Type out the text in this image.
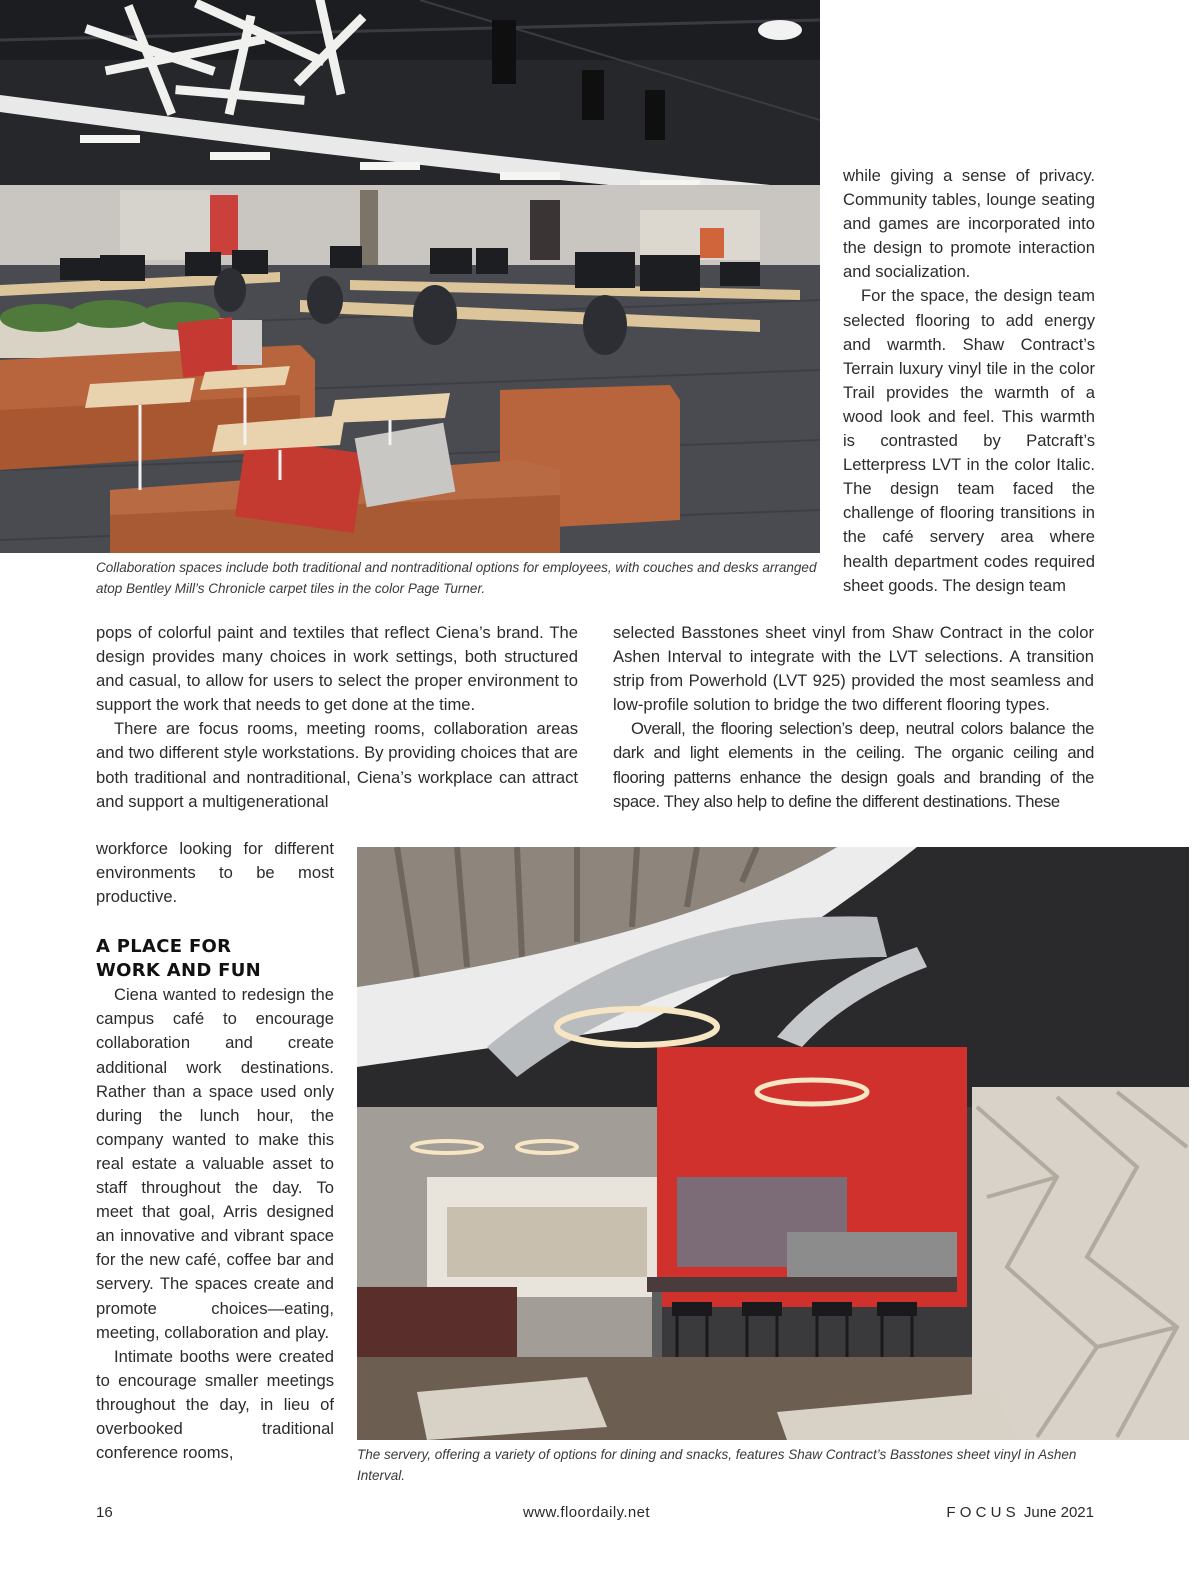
Collaboration spaces include both traditional and nontraditional options for employees, with couches and desks arranged atop Bentley Mill’s Chronicle carpet tiles in the color Page Turner.

while giving a sense of privacy. Community tables, lounge seating and games are incorporated into the design to promote interaction and socialization.

For the space, the design team selected flooring to add energy and warmth. Shaw Contract’s Terrain luxury vinyl tile in the color Trail provides the warmth of a wood look and feel. This warmth is contrasted by Patcraft’s Letterpress LVT in the color Italic. The design team faced the challenge of flooring transitions in the café servery area where health department codes required sheet goods. The design team

pops of colorful paint and textiles that reflect Ciena’s brand. The design provides many choices in work settings, both structured and casual, to allow for users to select the proper environment to support the work that needs to get done at the time.

There are focus rooms, meeting rooms, collaboration areas and two different style workstations. By providing choices that are both traditional and nontraditional, Ciena’s workplace can attract and support a multigenerational

selected Basstones sheet vinyl from Shaw Contract in the color Ashen Interval to integrate with the LVT selections. A transition strip from Powerhold (LVT 925) provided the most seamless and low-profile solution to bridge the two different flooring types.

Overall, the flooring selection’s deep, neutral colors balance the dark and light elements in the ceiling. The organic ceiling and flooring patterns enhance the design goals and branding of the space. They also help to define the different destinations. These

workforce looking for different environments to be most productive.

A PLACE FOR WORK AND FUN

Ciena wanted to redesign the campus café to encourage collaboration and create additional work destinations. Rather than a space used only during the lunch hour, the company wanted to make this real estate a valuable asset to staff throughout the day. To meet that goal, Arris designed an innovative and vibrant space for the new café, coffee bar and servery. The spaces create and promote choices—eating, meeting, collaboration and play.

Intimate booths were created to encourage smaller meetings throughout the day, in lieu of overbooked traditional conference rooms,	The servery, offering a variety of options for dining and snacks, features Shaw Contract’s Basstones sheet vinyl in Ashen Interval.

16	www.floordaily.net	F O C U S  June 2021
